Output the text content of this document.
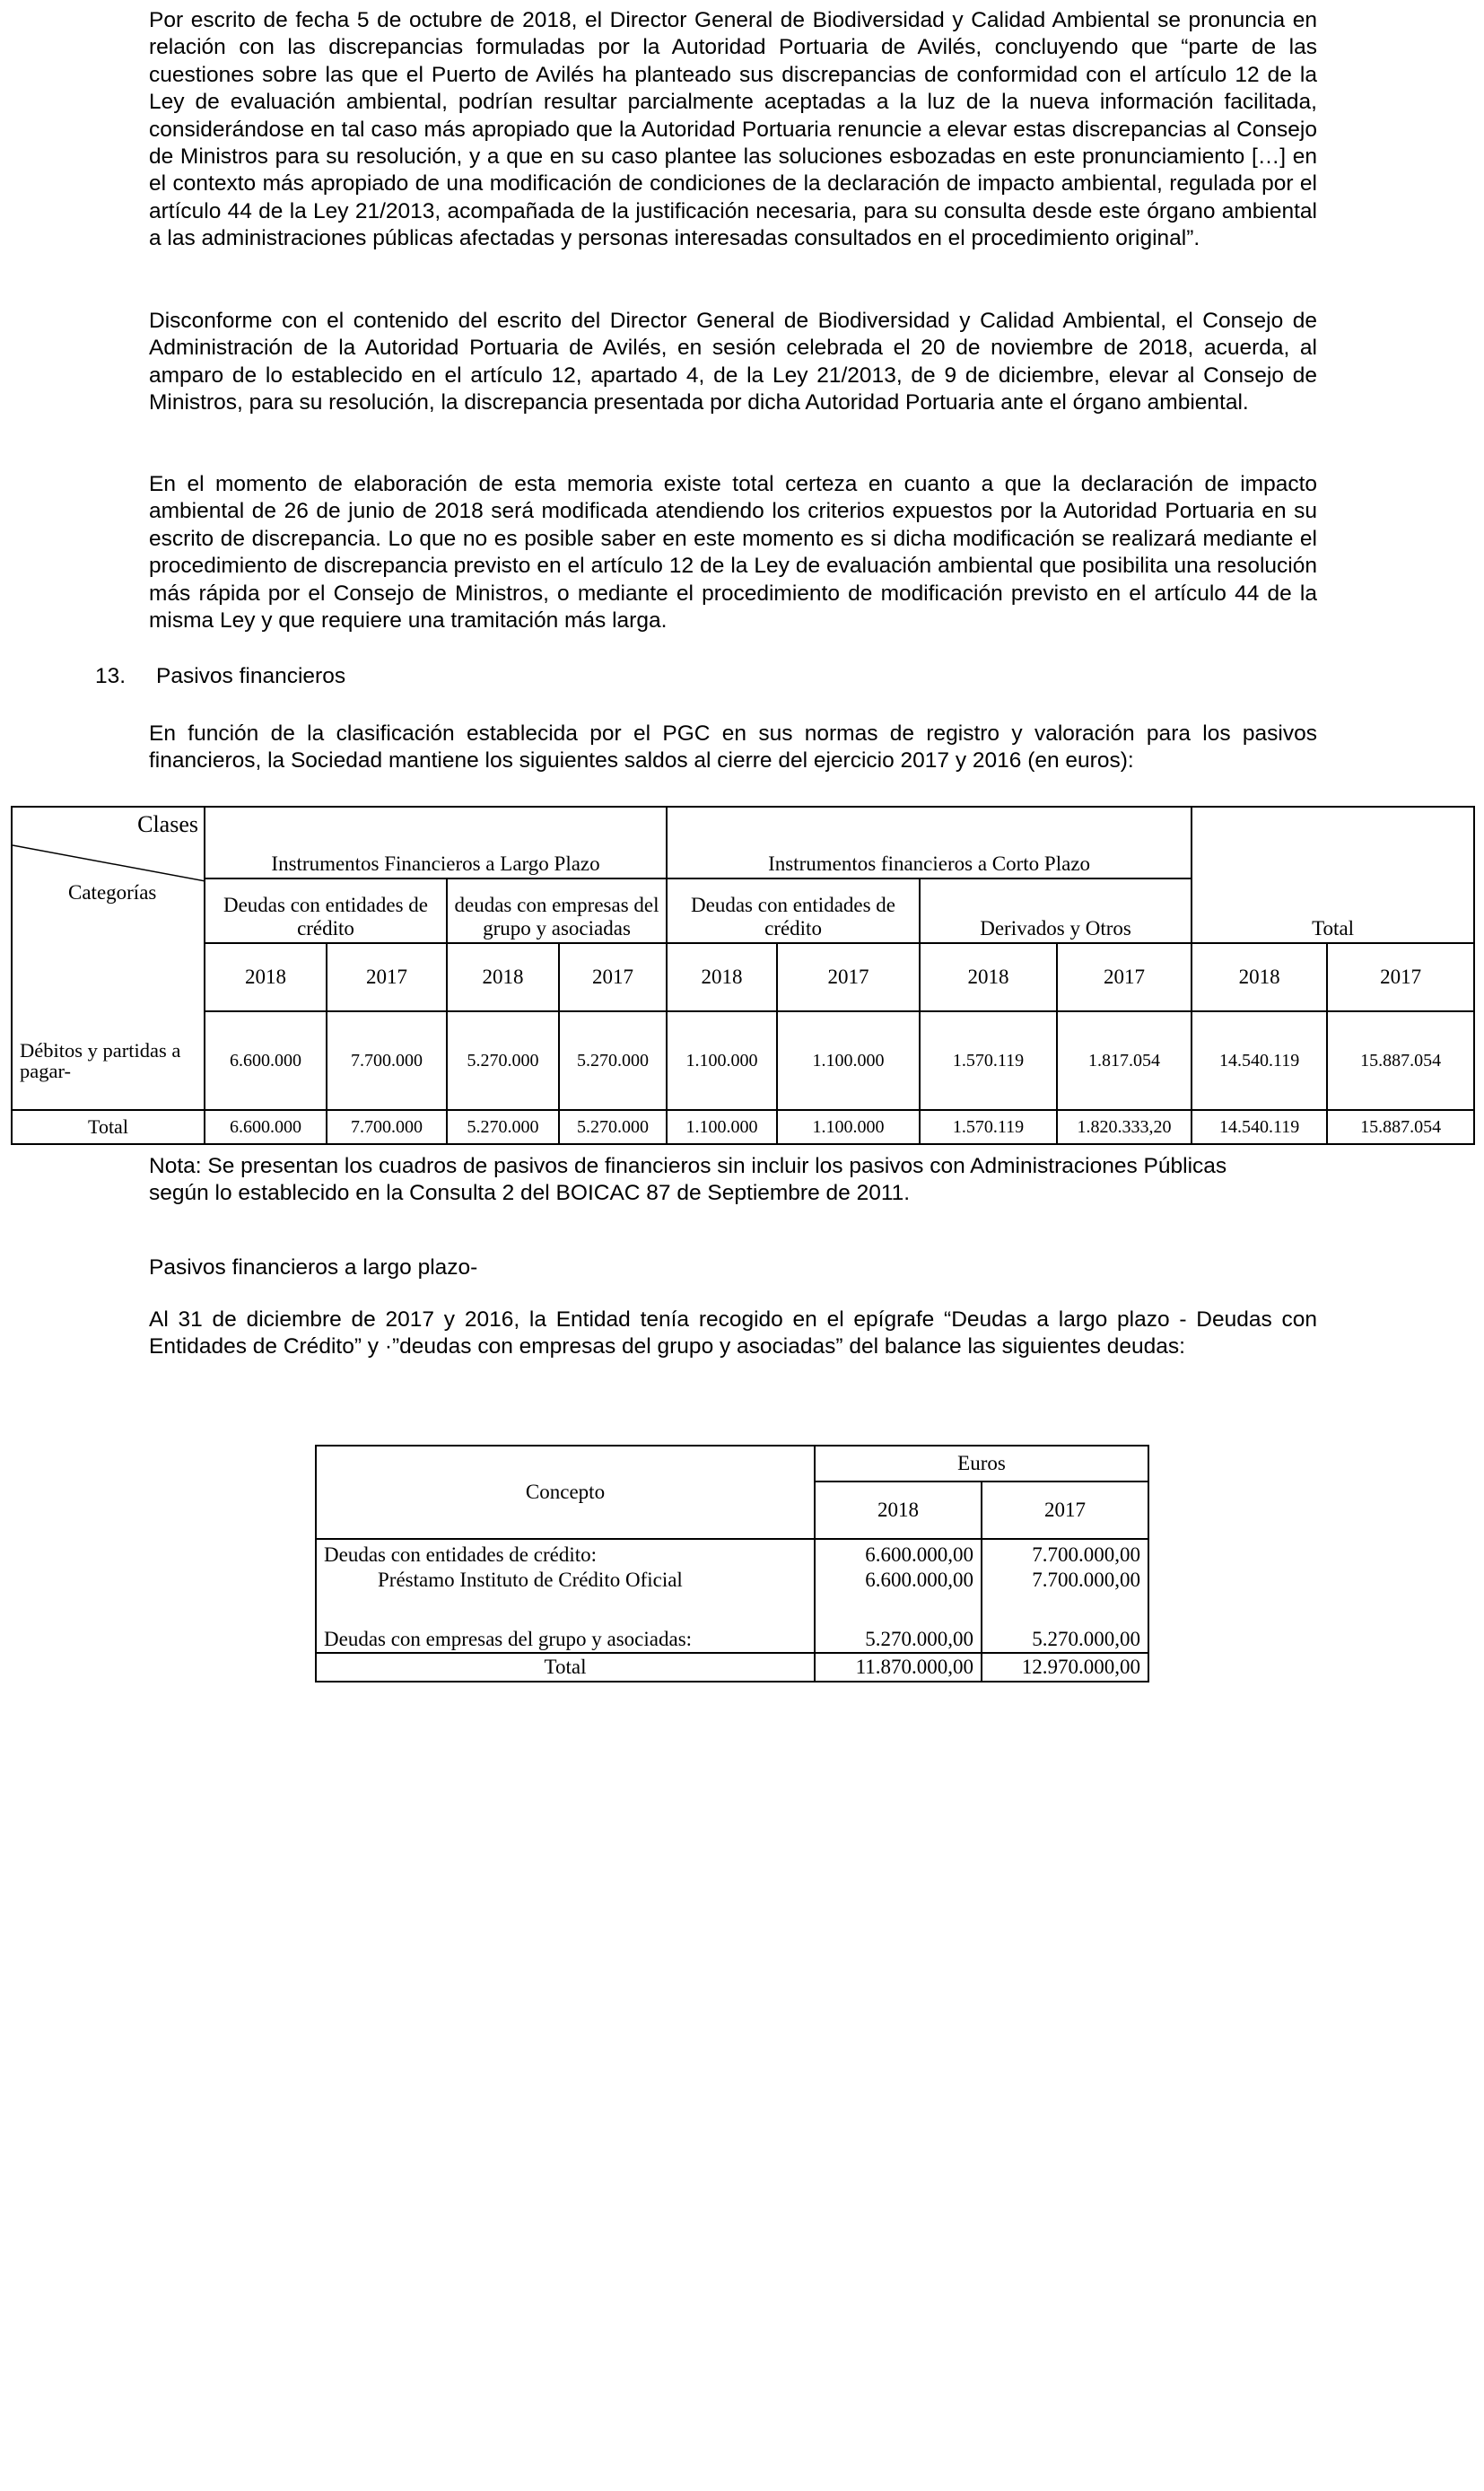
Por escrito de fecha 5 de octubre de 2018, el Director General de Biodiversidad y Calidad Ambiental se pronuncia en relación con las discrepancias formuladas por la Autoridad Portuaria de Avilés, concluyendo que “parte de las cuestiones sobre las que el Puerto de Avilés ha planteado sus discrepancias de conformidad con el artículo 12 de la Ley de evaluación ambiental, podrían resultar parcialmente aceptadas a la luz de la nueva información facilitada, considerándose en tal caso más apropiado que la Autoridad Portuaria renuncie a elevar estas discrepancias al Consejo de Ministros para su resolución, y a que en su caso plantee las soluciones esbozadas en este pronunciamiento […] en el contexto más apropiado de una modificación de condiciones de la declaración de impacto ambiental, regulada por el artículo 44 de la Ley 21/2013, acompañada de la justificación necesaria, para su consulta desde este órgano ambiental a las administraciones públicas afectadas y personas interesadas consultados en el procedimiento original”.

Disconforme con el contenido del escrito del Director General de Biodiversidad y Calidad Ambiental, el Consejo de Administración de la Autoridad Portuaria de Avilés, en sesión celebrada el 20 de noviembre de 2018, acuerda, al amparo de lo establecido en el artículo 12, apartado 4, de la Ley 21/2013, de 9 de diciembre, elevar al Consejo de Ministros, para su resolución, la discrepancia presentada por dicha Autoridad Portuaria ante el órgano ambiental.

En el momento de elaboración de esta memoria existe total certeza en cuanto a que la declaración de impacto ambiental de 26 de junio de 2018 será modificada atendiendo los criterios expuestos por la Autoridad Portuaria en su escrito de discrepancia. Lo que no es posible saber en este momento es si dicha modificación se realizará mediante el procedimiento de discrepancia previsto en el artículo 12 de la Ley de evaluación ambiental que posibilita una resolución más rápida por el Consejo de Ministros, o mediante el procedimiento de modificación previsto en el artículo 44 de la misma Ley y que requiere una tramitación más larga.

13. Pasivos financieros

En función de la clasificación establecida por el PGC en sus normas de registro y valoración para los pasivos financieros, la Sociedad mantiene los siguientes saldos al cierre del ejercicio 2017 y 2016 (en euros):

Clases
Categorías	Instrumentos Financieros a Largo Plazo				Instrumentos financieros a Corto Plazo				Total	
	Deudas con entidades de crédito		deudas con empresas del grupo y asociadas		Deudas con entidades de crédito		Derivados y Otros			
	2018	2017	2018	2017	2018	2017	2018	2017	2018	2017
Débitos y partidas a pagar-	6.600.000	7.700.000	5.270.000	5.270.000	1.100.000	1.100.000	1.570.119	1.817.054	14.540.119	15.887.054
Total	6.600.000	7.700.000	5.270.000	5.270.000	1.100.000	1.100.000	1.570.119	1.820.333,20	14.540.119	15.887.054
Nota: Se presentan los cuadros de pasivos de financieros sin incluir los pasivos con Administraciones Públicas
según lo establecido en la Consulta 2 del BOICAC 87 de Septiembre de 2011.
Pasivos financieros a largo plazo-

Al 31 de diciembre de 2017 y 2016, la Entidad tenía recogido en el epígrafe “Deudas a largo plazo - Deudas con Entidades de Crédito” y ·”deudas con empresas del grupo y asociadas” del balance las siguientes deudas:

Concepto	Euros	
	2018	2017
Deudas con entidades de crédito:	6.600.000,00	7.700.000,00
Préstamo Instituto de Crédito Oficial	6.600.000,00	7.700.000,00

Deudas con empresas del grupo y asociadas:	5.270.000,00	5.270.000,00
Total	11.870.000,00	12.970.000,00
